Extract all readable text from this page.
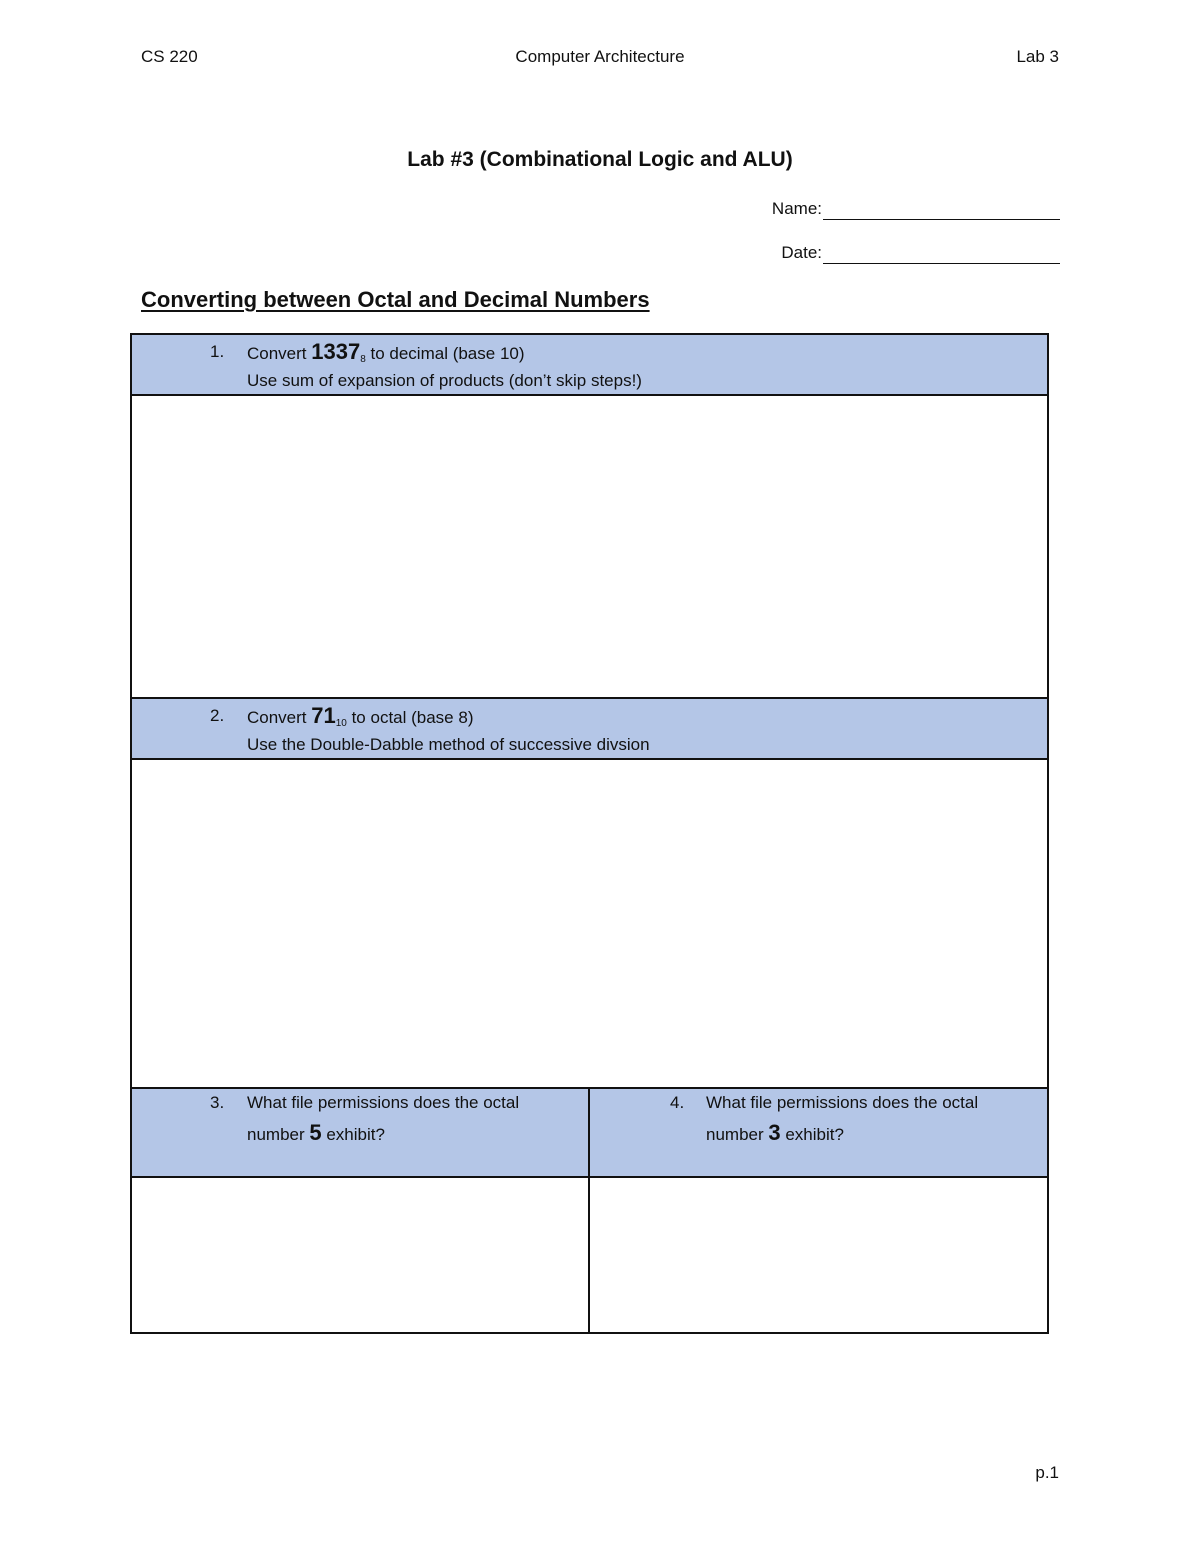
CS 220	Computer Architecture	Lab 3
Lab #3 (Combinational Logic and ALU)
Name:
Date:
Converting between Octal and Decimal Numbers
1. Convert $1337_8$ to decimal (base 10)
Use sum of expansion of products (don’t skip steps!)
2. Convert $71_{10}$ to octal (base 8)
Use the Double-Dabble method of successive divsion
3. What file permissions does the octal
number 5 exhibit?
4. What file permissions does the octal
number 3 exhibit?
p.1
